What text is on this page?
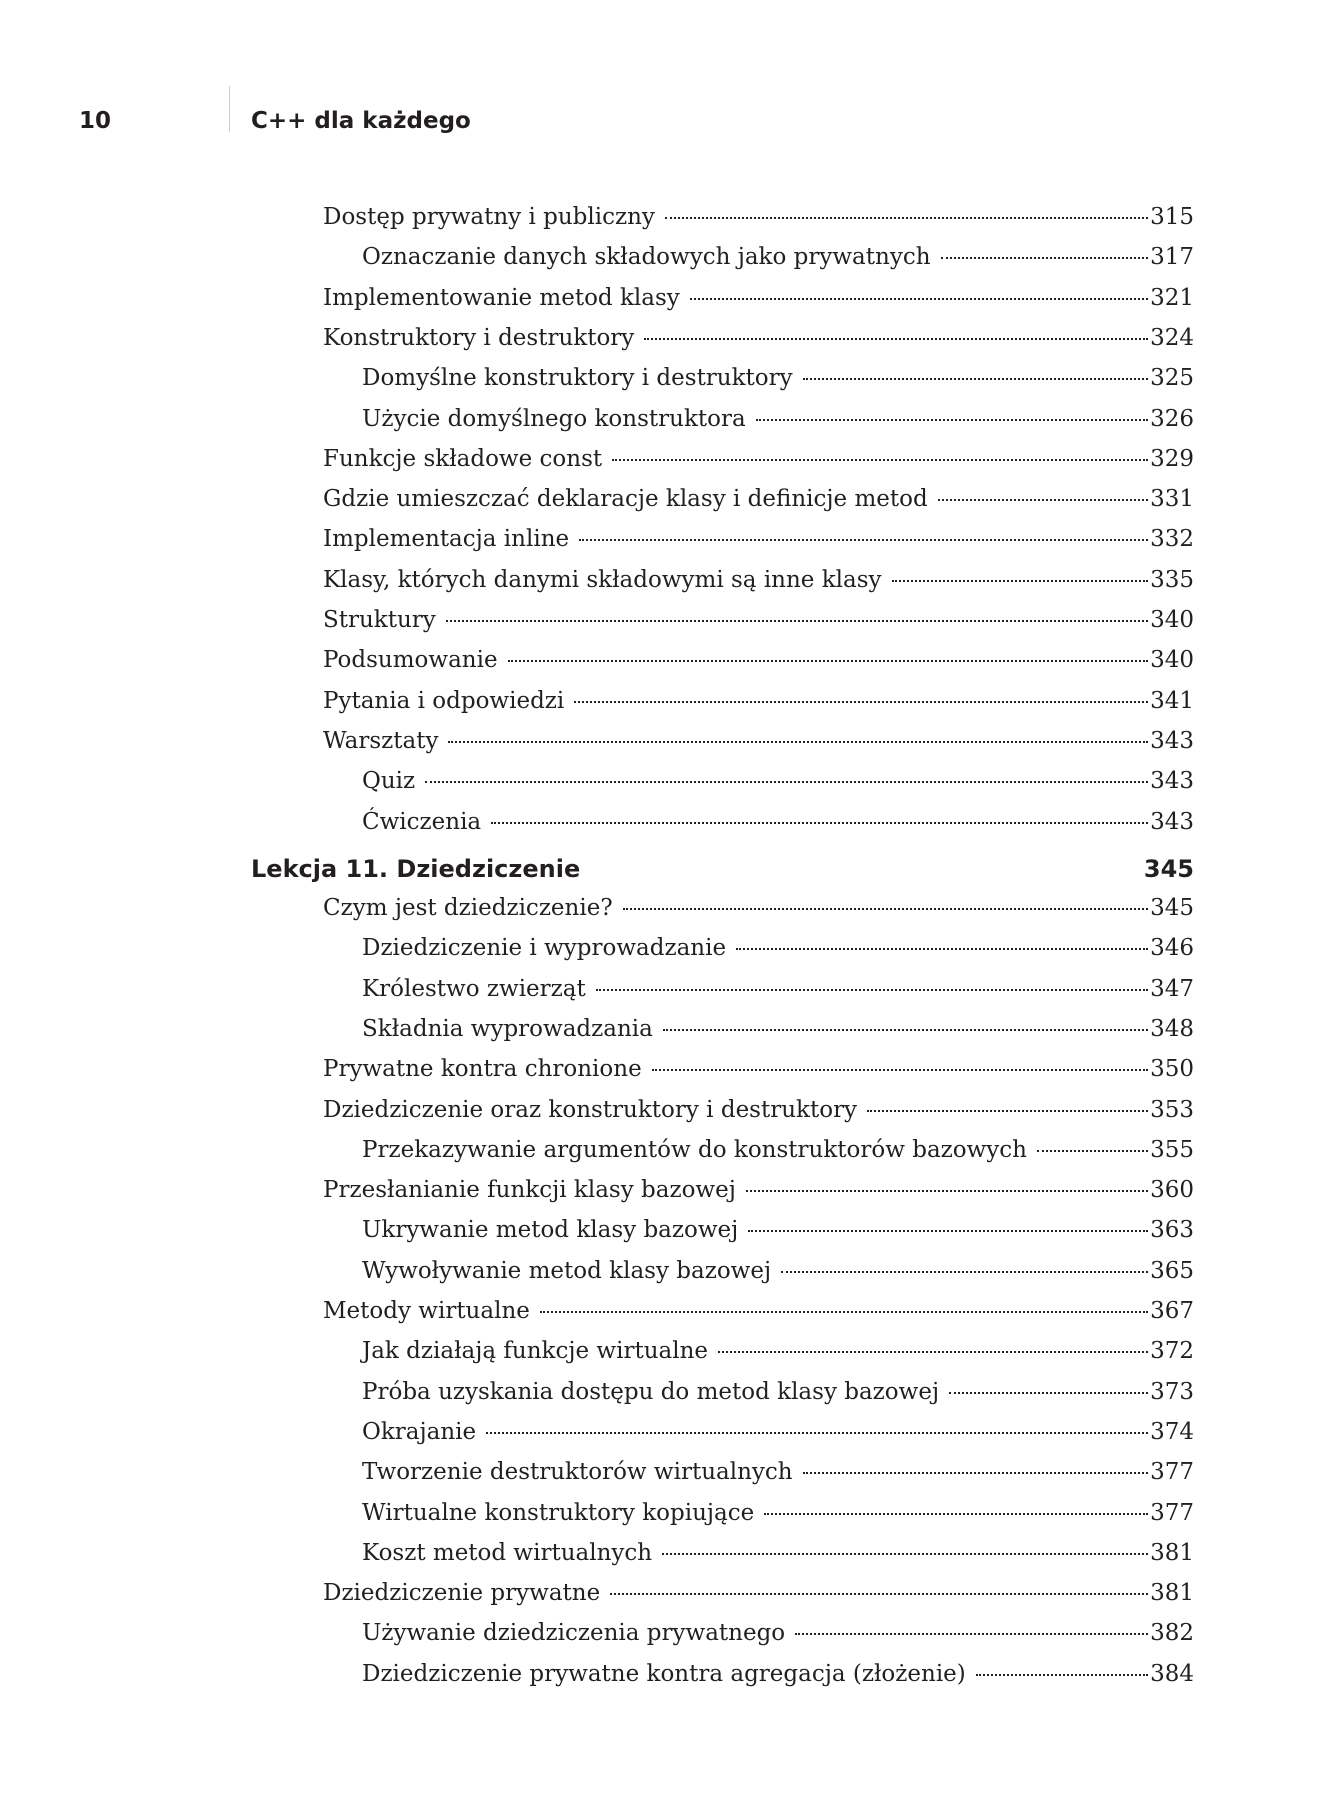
10	C++ dla każdego
Dostęp prywatny i publiczny	315
Oznaczanie danych składowych jako prywatnych	317
Implementowanie metod klasy	321
Konstruktory i destruktory	324
Domyślne konstruktory i destruktory	325
Użycie domyślnego konstruktora	326
Funkcje składowe const	329
Gdzie umieszczać deklaracje klasy i definicje metod	331
Implementacja inline	332
Klasy, których danymi składowymi są inne klasy	335
Struktury	340
Podsumowanie	340
Pytania i odpowiedzi	341
Warsztaty	343
Quiz	343
Ćwiczenia	343
Lekcja 11. Dziedziczenie	345
Czym jest dziedziczenie?	345
Dziedziczenie i wyprowadzanie	346
Królestwo zwierząt	347
Składnia wyprowadzania	348
Prywatne kontra chronione	350
Dziedziczenie oraz konstruktory i destruktory	353
Przekazywanie argumentów do konstruktorów bazowych	355
Przesłanianie funkcji klasy bazowej	360
Ukrywanie metod klasy bazowej	363
Wywoływanie metod klasy bazowej	365
Metody wirtualne	367
Jak działają funkcje wirtualne	372
Próba uzyskania dostępu do metod klasy bazowej	373
Okrajanie	374
Tworzenie destruktorów wirtualnych	377
Wirtualne konstruktory kopiujące	377
Koszt metod wirtualnych	381
Dziedziczenie prywatne	381
Używanie dziedziczenia prywatnego	382
Dziedziczenie prywatne kontra agregacja (złożenie)	384
